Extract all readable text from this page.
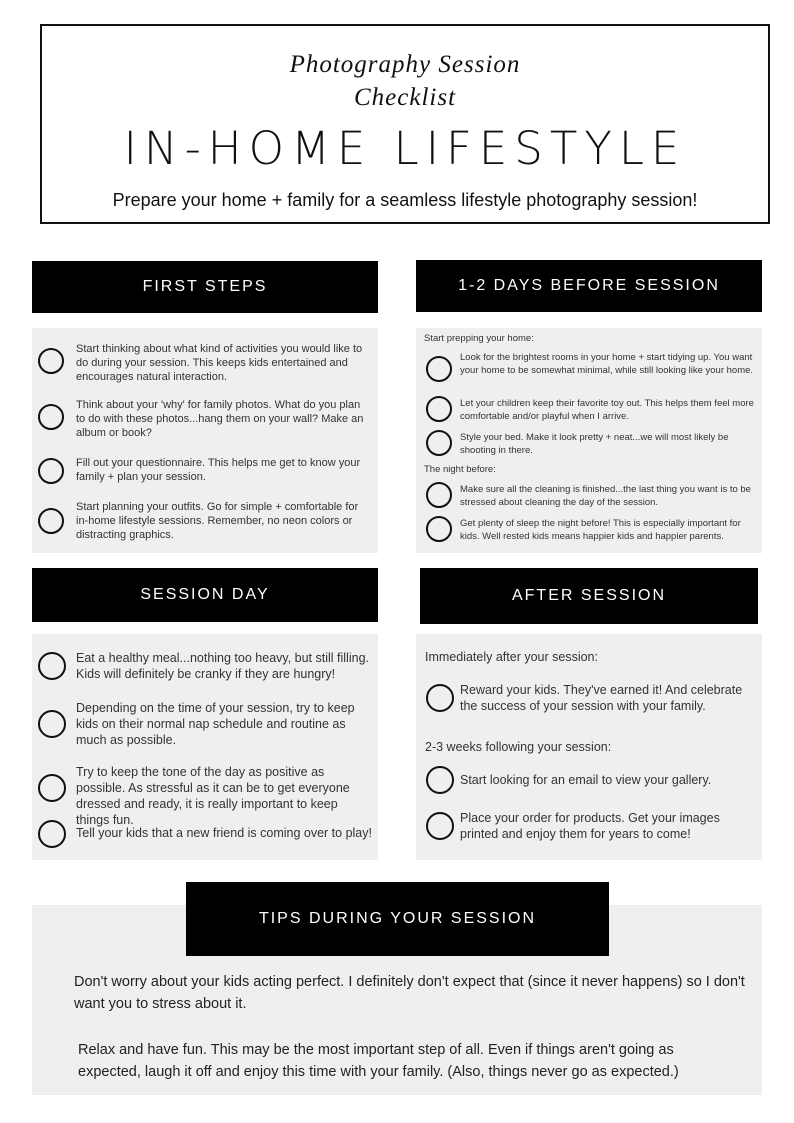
Photography Session
Checklist
IN-HOME LIFESTYLE
Prepare your home + family for a seamless lifestyle photography session!
FIRST STEPS
Start thinking about what kind of activities you would like to do during your session. This keeps kids entertained and encourages natural interaction.
Think about your 'why' for family photos. What do you plan to do with these photos...hang them on your wall? Make an album or book?
Fill out your questionnaire. This helps me get to know your family + plan your session.
Start planning your outfits. Go for simple + comfortable for in-home lifestyle sessions. Remember, no neon colors or distracting graphics.
1-2 DAYS BEFORE SESSION
Start prepping your home:
Look for the brightest rooms in your home + start tidying up. You want your home to be somewhat minimal, while still looking like your home.
Let your children keep their favorite toy out. This helps them feel more comfortable and/or playful when I arrive.
Style your bed. Make it look pretty + neat...we will most likely be shooting in there.
The night before:
Make sure all the cleaning is finished...the last thing you want is to be stressed about cleaning the day of the session.
Get plenty of sleep the night before! This is especially important for kids. Well rested kids means happier kids and happier parents.
SESSION DAY
Eat a healthy meal...nothing too heavy, but still filling. Kids will definitely be cranky if they are hungry!
Depending on the time of your session, try to keep kids on their normal nap schedule and routine as much as possible.
Try to keep the tone of the day as positive as possible. As stressful as it can be to get everyone dressed and ready, it is really important to keep things fun.
Tell your kids that a new friend is coming over to play!
AFTER SESSION
Immediately after your session:
Reward your kids. They've earned it! And celebrate the success of your session with your family.
2-3 weeks following your session:
Start looking for an email to view your gallery.
Place your order for products. Get your images printed and enjoy them for years to come!
Don't worry about your kids acting perfect. I definitely don't expect that (since it never happens) so I don't want you to stress about it.
Relax and have fun. This may be the most important step of all. Even if things aren't going as expected, laugh it off and enjoy this time with your family. (Also, things never go as expected.)
TIPS DURING YOUR SESSION
